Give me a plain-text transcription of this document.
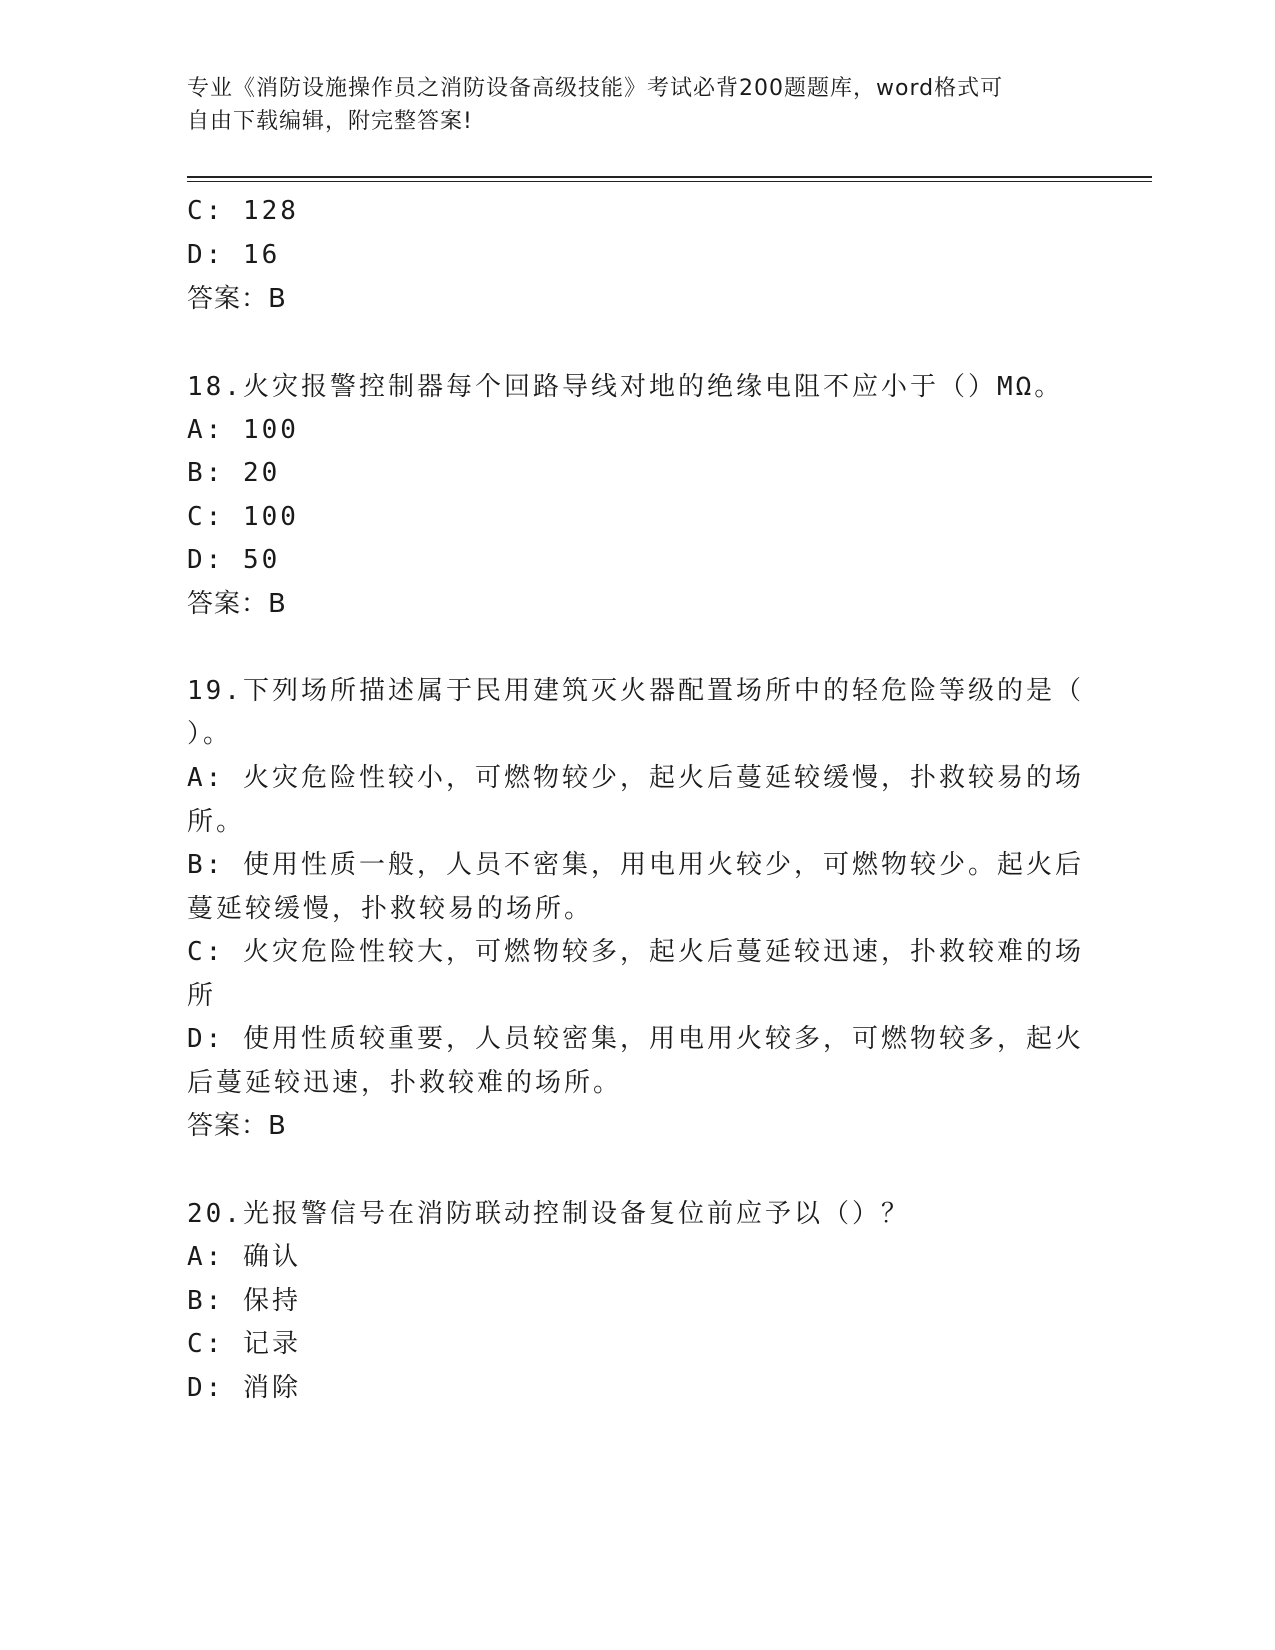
专业《消防设施操作员之消防设备高级技能》考试必背200题题库，word格式可
自由下载编辑，附完整答案!
C: 128
D: 16
答案：B
18.火灾报警控制器每个回路导线对地的绝缘电阻不应小于（）MΩ。
A: 100
B: 20
C: 100
D: 50
答案：B
19.下列场所描述属于民用建筑灭火器配置场所中的轻危险等级的是（
）。
A: 火灾危险性较小，可燃物较少，起火后蔓延较缓慢，扑救较易的场
所。
B: 使用性质一般，人员不密集，用电用火较少，可燃物较少。起火后
蔓延较缓慢，扑救较易的场所。
C: 火灾危险性较大，可燃物较多，起火后蔓延较迅速，扑救较难的场
所
D: 使用性质较重要，人员较密集，用电用火较多，可燃物较多，起火
后蔓延较迅速，扑救较难的场所。
答案：B
20.光报警信号在消防联动控制设备复位前应予以（）？
A: 确认
B: 保持
C: 记录
D: 消除
